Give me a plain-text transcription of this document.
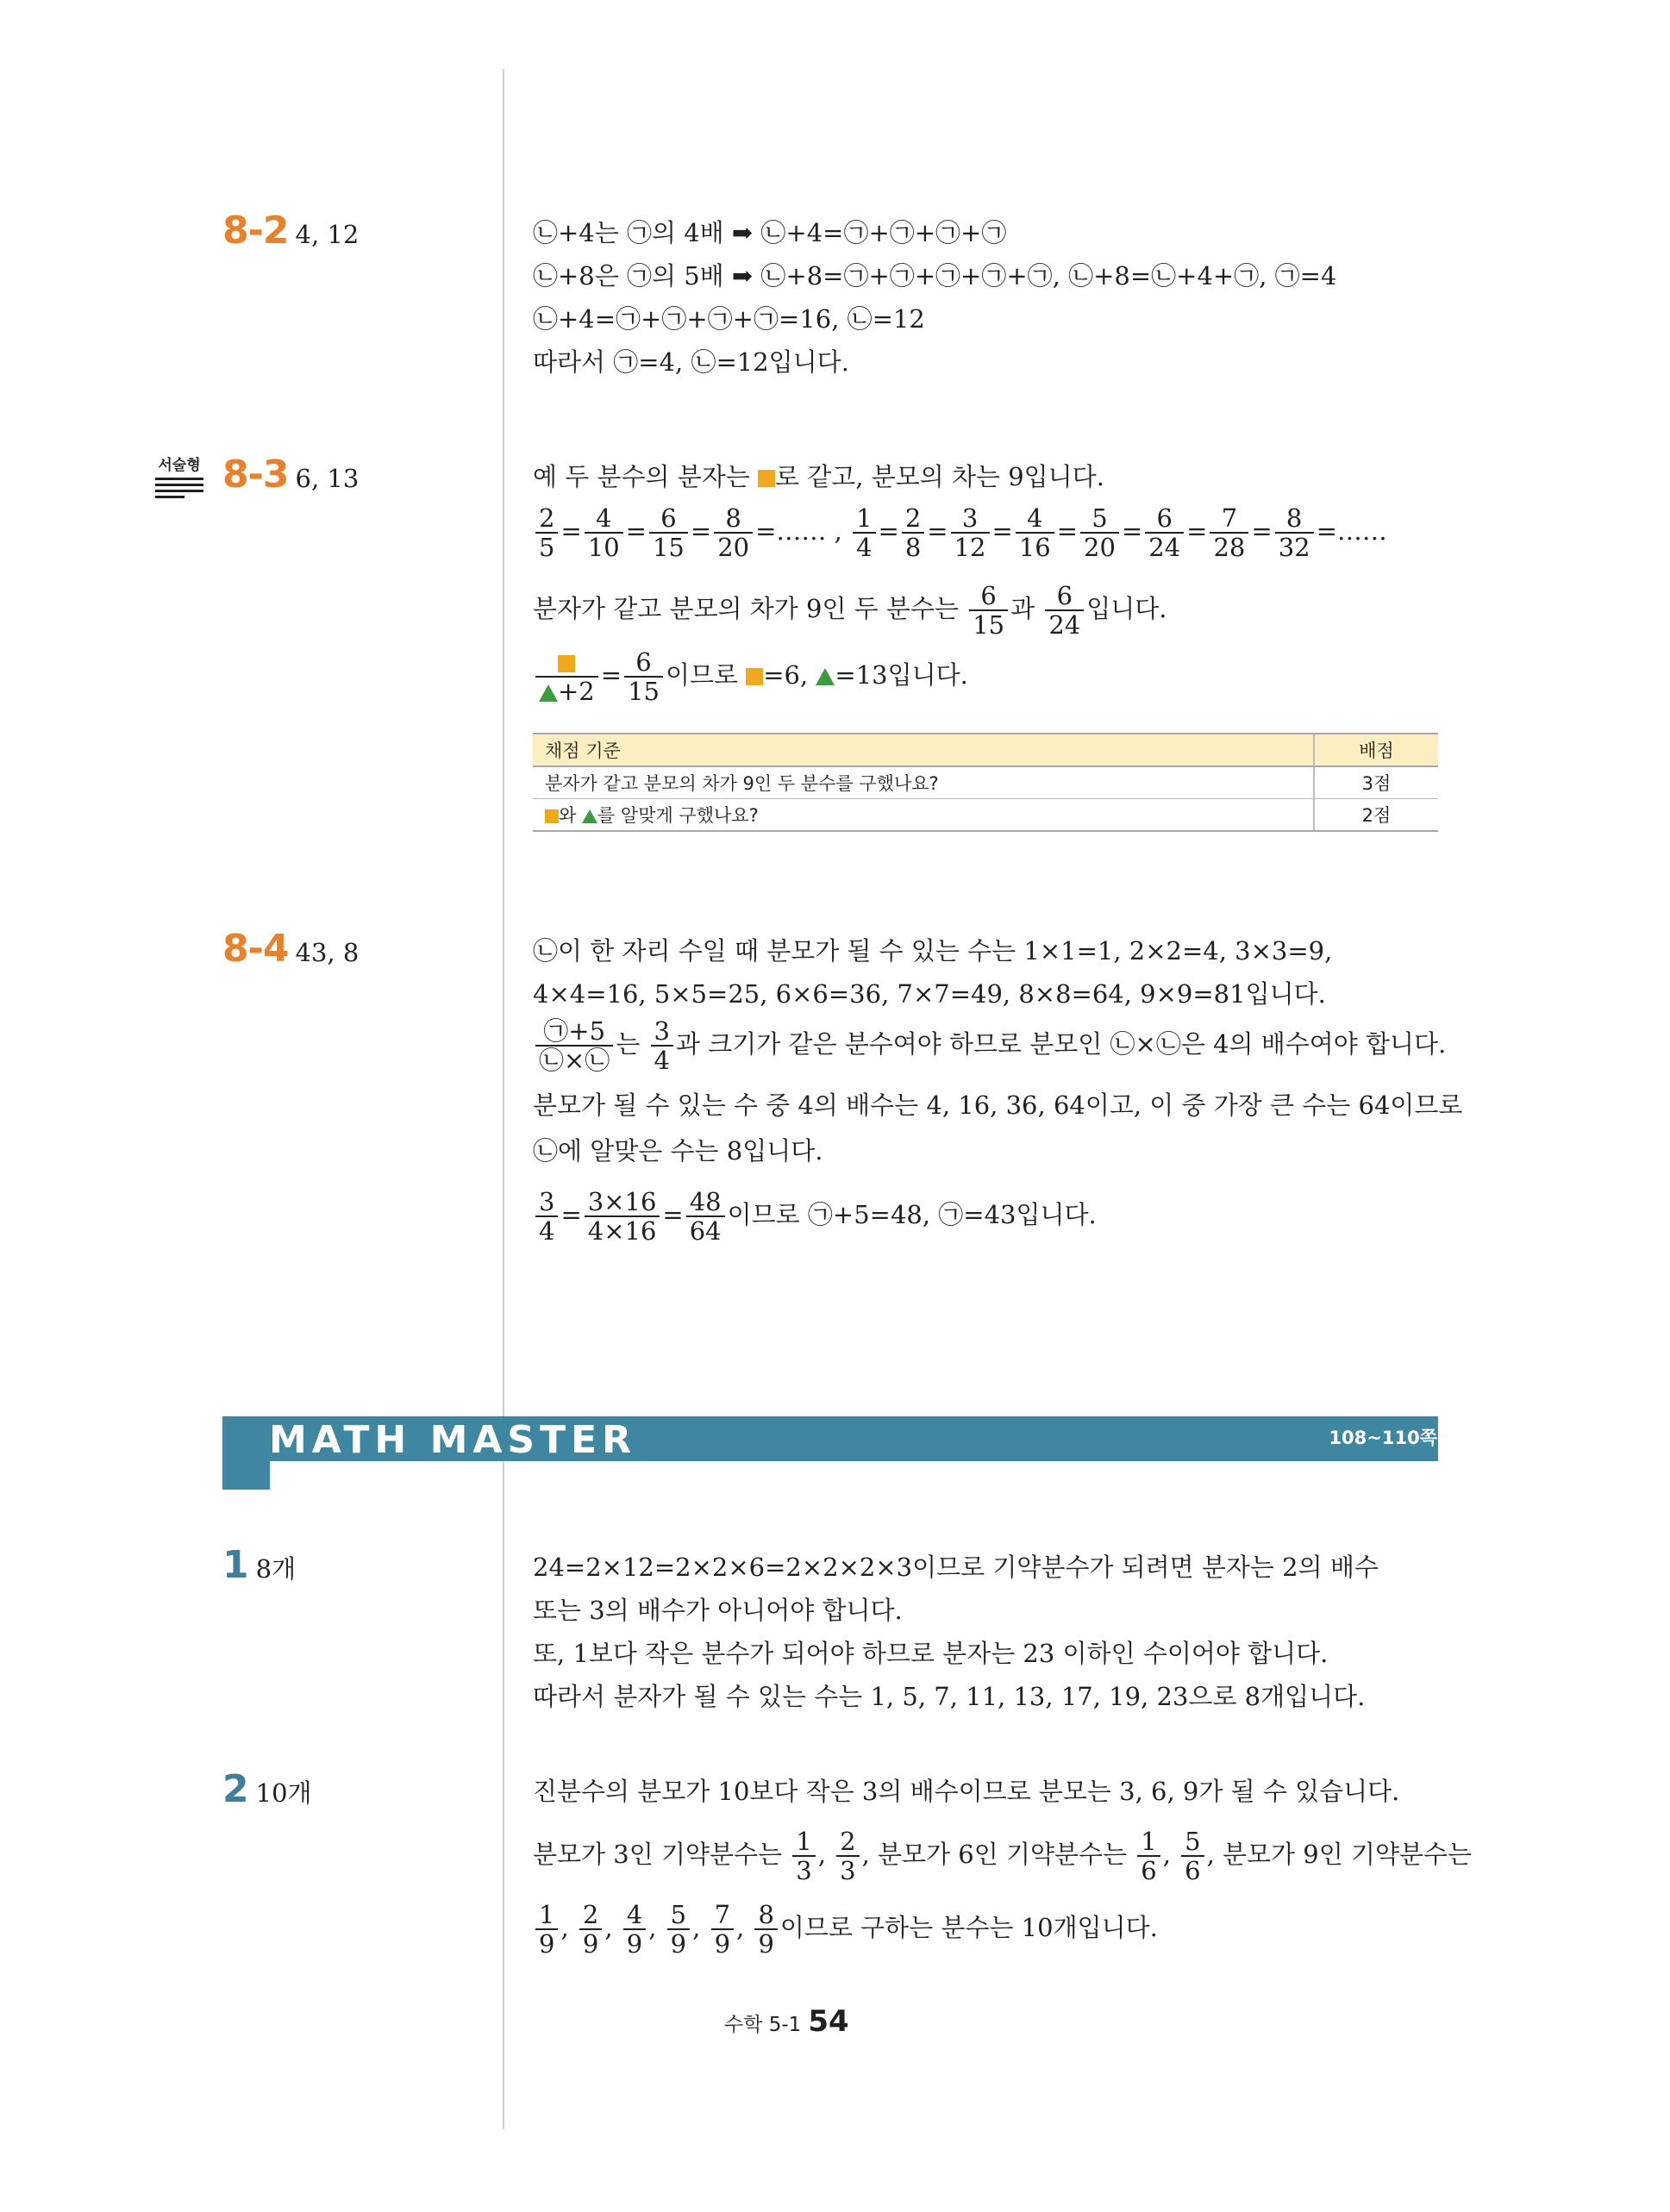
8-2 4, 12	㉡+4는 ㉠의 4배 ➡ ㉡+4=㉠+㉠+㉠+㉠
㉡+8은 ㉠의 5배 ➡ ㉡+8=㉠+㉠+㉠+㉠+㉠, ㉡+8=㉡+4+㉠, ㉠=4
㉡+4=㉠+㉠+㉠+㉠=16, ㉡=12
따라서 ㉠=4, ㉡=12입니다.
서술형 8-3 6, 13	예 두 분수의 분자는 로 같고, 분모의 차는 9입니다.
$\frac{2}{5} = \frac{4}{10} = \frac{6}{15} = \frac{8}{20}$ =…… , $\frac{1}{4} = \frac{2}{8} = \frac{3}{12} = \frac{4}{16} = \frac{5}{20} = \frac{6}{24} = \frac{7}{28} = \frac{8}{32}$ =……
분자가 같고 분모의 차가 9인 두 분수는 $\frac{6}{15}$ 과 $\frac{6}{24}$ 입니다.
+2
= $\frac{6}{15}$ 이므로 =6, =13입니다.
채점 기준	배점
분자가 같고 분모의 차가 9인 두 분수를 구했나요?	3점
와 를 알맞게 구했나요?	2점
8-4 43, 8	㉡이 한 자리 수일 때 분모가 될 수 있는 수는 1×1=1, 2×2=4, 3×3=9,
4×4=16, 5×5=25, 6×6=36, 7×7=49, 8×8=64, 9×9=81입니다.
$\frac{㉠+5}{㉡\times㉡}$ 는 $\frac{3}{4}$ 과 크기가 같은 분수여야 하므로 분모인 ㉡×㉡은 4의 배수여야 합니다.
분모가 될 수 있는 수 중 4의 배수는 4, 16, 36, 64이고, 이 중 가장 큰 수는 64이므로
㉡에 알맞은 수는 8입니다.
$\frac{3}{4} = \frac{3\times 16}{4\times 16} = \frac{48}{64}$ 이므로 ㉠+5=48, ㉠=43입니다.
MATH MASTER	108~110쪽
1 8개	24=2×12=2×2×6=2×2×2×3이므로 기약분수가 되려면 분자는 2의 배수
또는 3의 배수가 아니어야 합니다.
또, 1보다 작은 분수가 되어야 하므로 분자는 23 이하인 수이어야 합니다.
따라서 분자가 될 수 있는 수는 1, 5, 7, 11, 13, 17, 19, 23으로 8개입니다.
2 10개	진분수의 분모가 10보다 작은 3의 배수이므로 분모는 3, 6, 9가 될 수 있습니다.
분모가 3인 기약분수는 $\frac{1}{3}$ , $\frac{2}{3}$ , 분모가 6인 기약분수는 $\frac{1}{6}$ , $\frac{5}{6}$ , 분모가 9인 기약분수는
$\frac{1}{9}$ , $\frac{2}{9}$ , $\frac{4}{9}$ , $\frac{5}{9}$ , $\frac{7}{9}$ , $\frac{8}{9}$ 이므로 구하는 분수는 10개입니다.
수학 5-1 54
